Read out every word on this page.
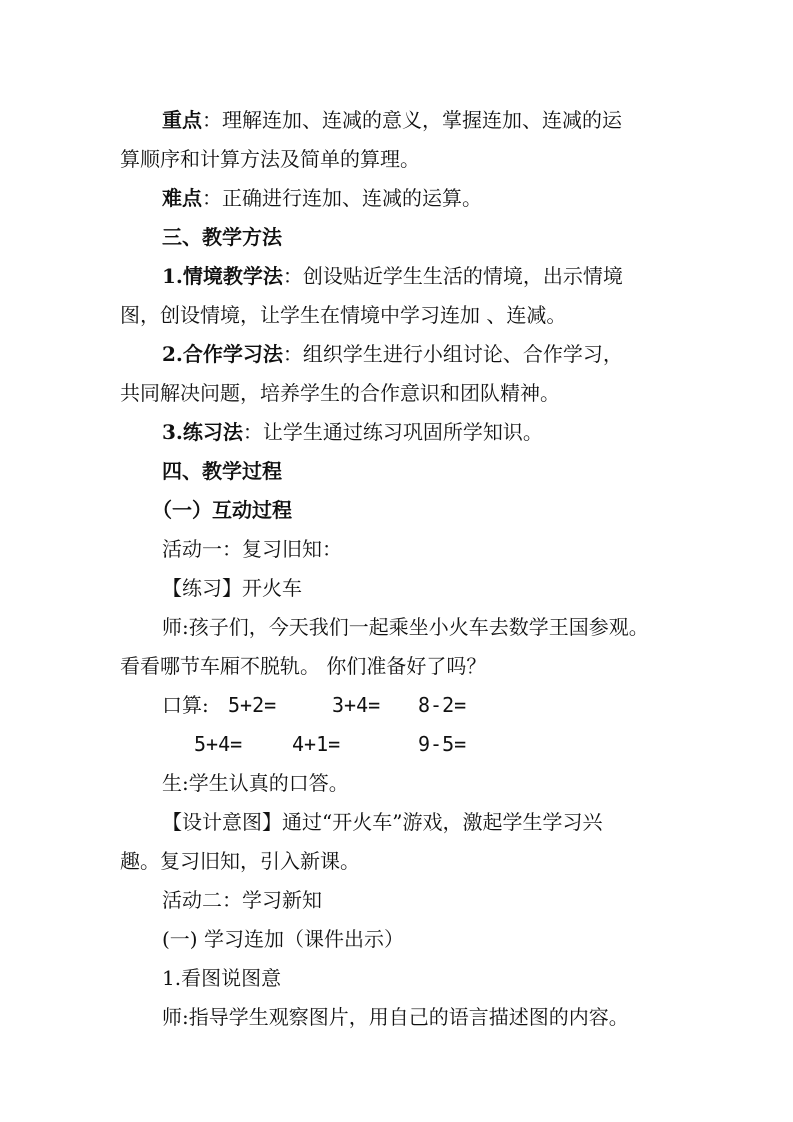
重点：理解连加、连减的意义，掌握连加、连减的运
算顺序和计算方法及简单的算理。
难点：正确进行连加、连减的运算。
三、教学方法
1.情境教学法：创设贴近学生生活的情境，出示情境
图，创设情境，让学生在情境中学习连加 、连减。
2.合作学习法：组织学生进行小组讨论、合作学习，
共同解决问题，培养学生的合作意识和团队精神。
3.练习法：让学生通过练习巩固所学知识。
四、教学过程
（一）互动过程
活动一：复习旧知：
【练习】开火车
师:孩子们，今天我们一起乘坐小火车去数学王国参观。
看看哪节车厢不脱轨。 你们准备好了吗？
口算: 5+2=	3+4= 8-2=
5+4= 4+1=	9-5=
生:学生认真的口答。
【设计意图】通过“开火车”游戏，激起学生学习兴
趣。复习旧知，引入新课。
活动二：学习新知
(一) 学习连加（课件出示）
1.看图说图意
师:指导学生观察图片，用自己的语言描述图的内容。
